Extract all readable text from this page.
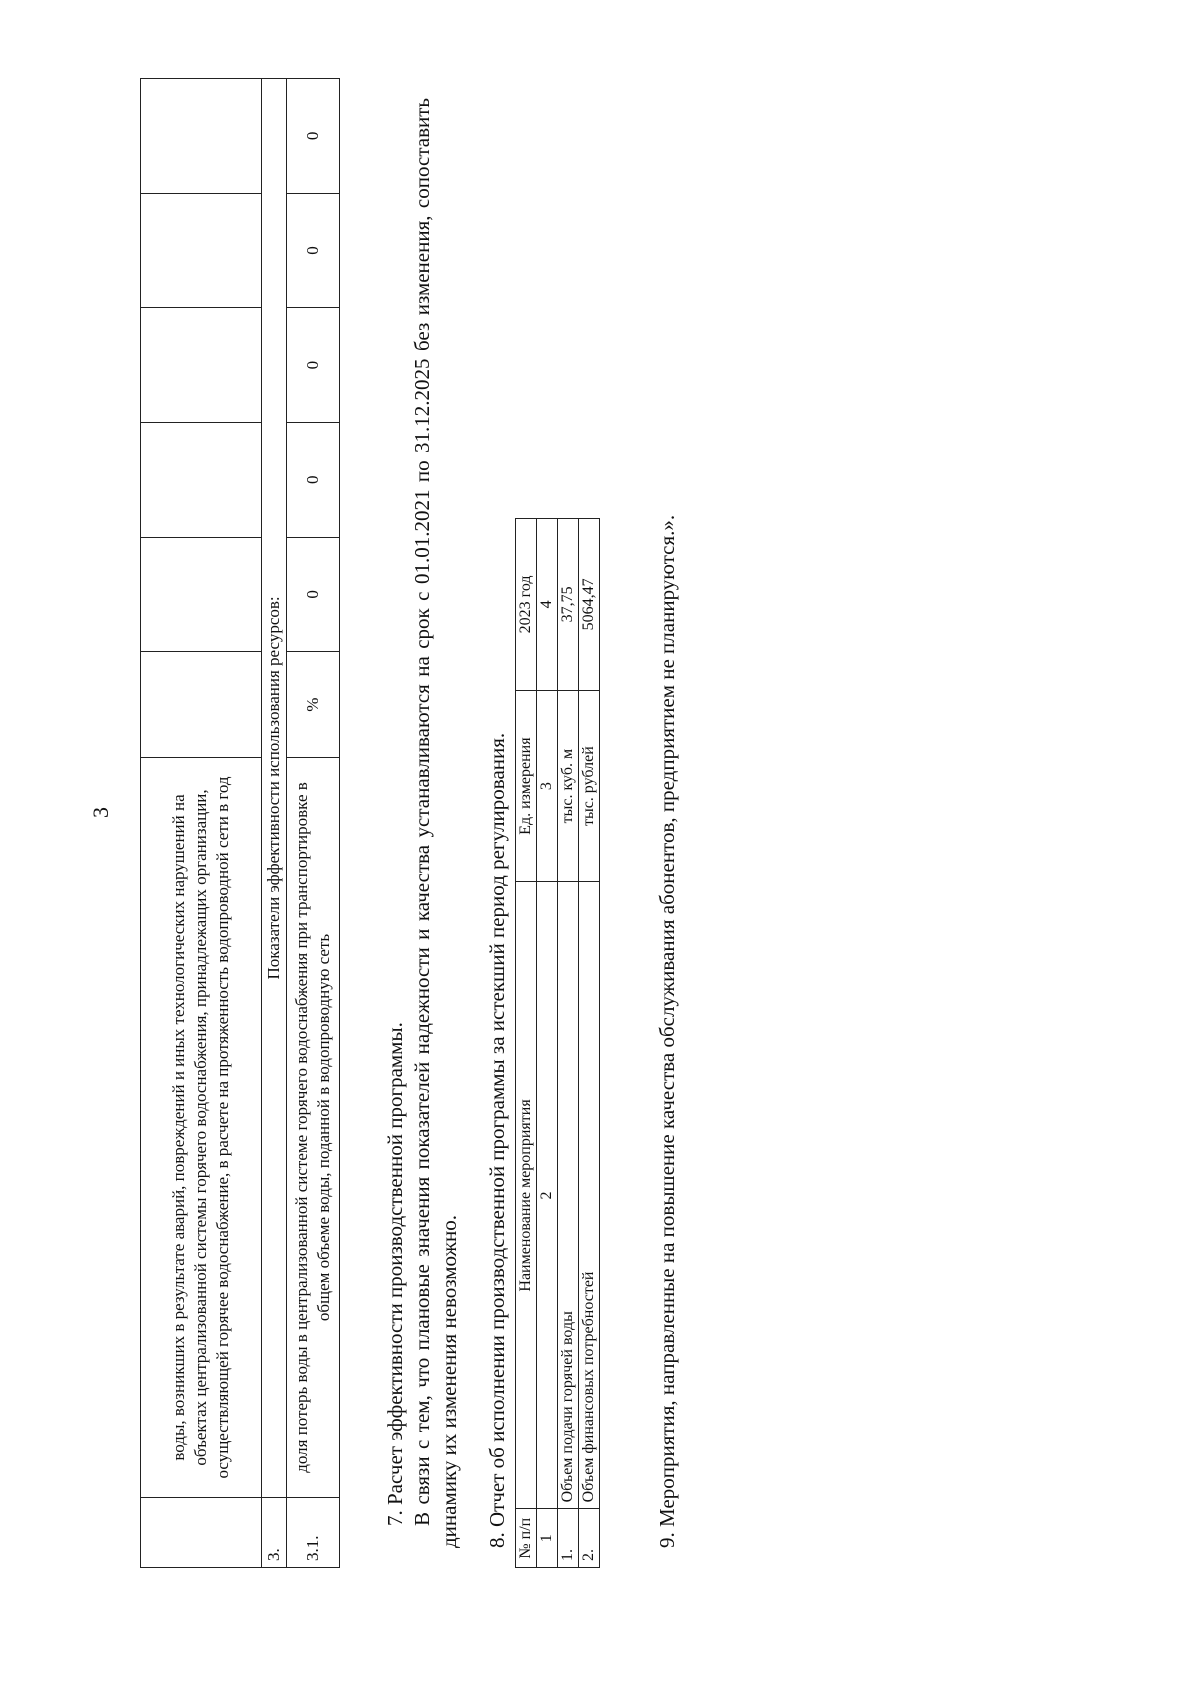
3
		воды, возникших в результате аварий, повреждений и иных технологических нарушений на объектах централизованной системы горячего водоснабжения, принадлежащих организации, осуществляющей горячее водоснабжение, в расчете на протяженность водопроводной сети в год						
3.	Показатели эффективности использования ресурсов:						
3.1.	доля потерь воды в централизованной системе горячего водоснабжения при транспортировке в общем объеме воды, поданной в водопроводную сеть	%	0	0	0	0	0

7. Расчет эффективности производственной программы. В связи с тем, что плановые значения показателей надежности и качества устанавливаются на срок с 01.01.2021 по 31.12.2025 без изменения, сопоставить динамику их изменения невозможно. 8. Отчет об исполнении производственной программы за истекший период регулирования. № п/п	Наименование мероприятия	Ед. измерения	2023 год
1	2	3	4
1.	Объем подачи горячей воды	тыс. куб. м	37,75
2.	Объем финансовых потребностей	тыс. рублей	5064,47	9. Мероприятия, направленные на повышение качества обслуживания абонентов, предприятием не планируются.».
